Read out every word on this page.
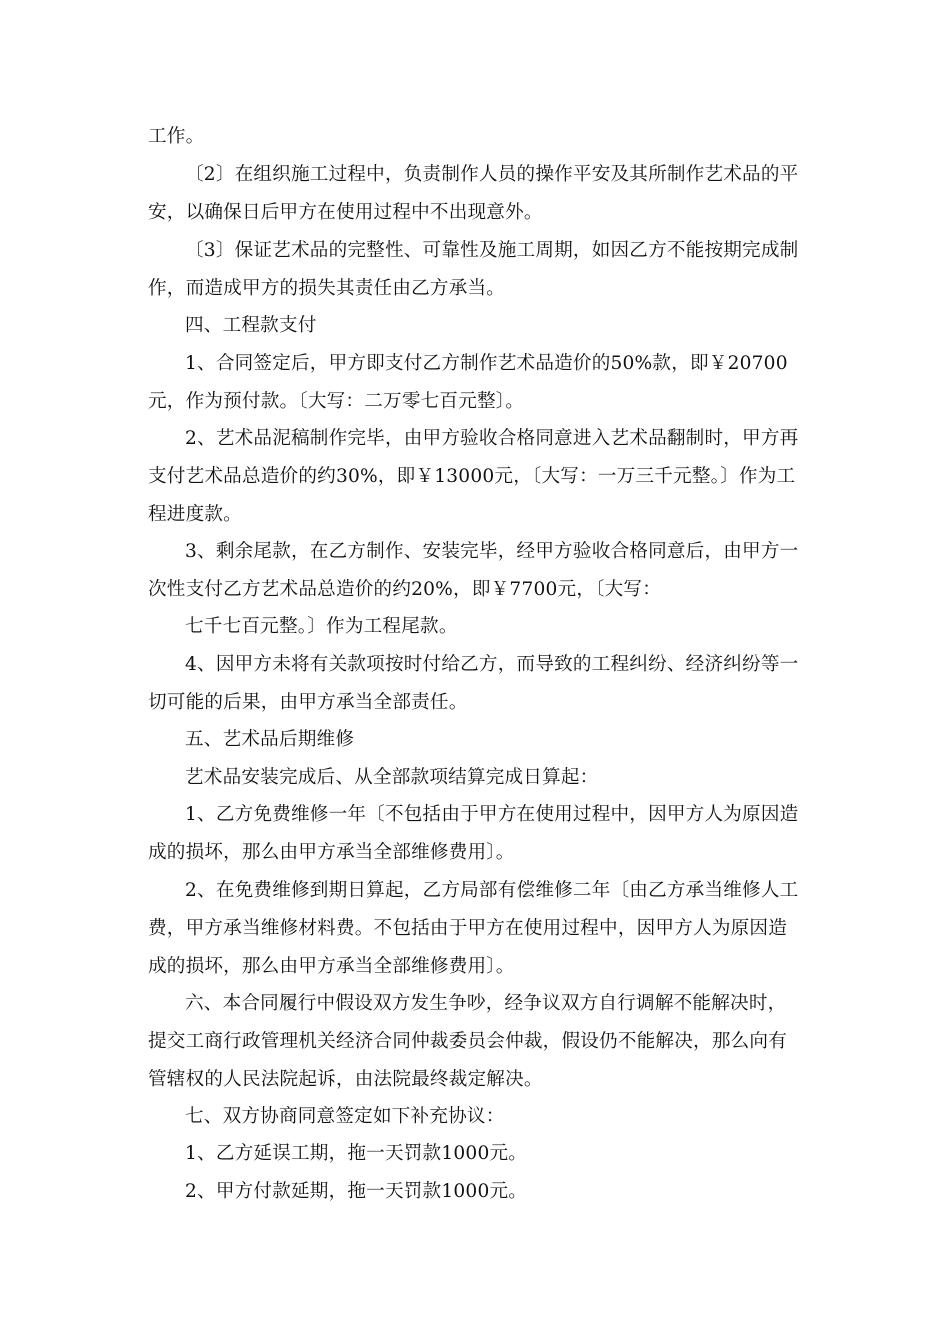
工作。

〔2〕在组织施工过程中，负责制作人员的操作平安及其所制作艺术品的平安，以确保日后甲方在使用过程中不出现意外。

〔3〕保证艺术品的完整性、可靠性及施工周期，如因乙方不能按期完成制作，而造成甲方的损失其责任由乙方承当。

四、工程款支付

1、合同签定后，甲方即支付乙方制作艺术品造价的50%款，即￥20700元，作为预付款。〔大写：二万零七百元整〕。

2、艺术品泥稿制作完毕，由甲方验收合格同意进入艺术品翻制时，甲方再支付艺术品总造价的约30%，即￥13000元，〔大写：一万三千元整。〕作为工程进度款。

3、剩余尾款，在乙方制作、安装完毕，经甲方验收合格同意后，由甲方一次性支付乙方艺术品总造价的约20%，即￥7700元，〔大写：

七千七百元整。〕作为工程尾款。

4、因甲方未将有关款项按时付给乙方，而导致的工程纠纷、经济纠纷等一切可能的后果，由甲方承当全部责任。

五、艺术品后期维修

艺术品安装完成后、从全部款项结算完成日算起：

1、乙方免费维修一年〔不包括由于甲方在使用过程中，因甲方人为原因造成的损坏，那么由甲方承当全部维修费用〕。

2、在免费维修到期日算起，乙方局部有偿维修二年〔由乙方承当维修人工费，甲方承当维修材料费。不包括由于甲方在使用过程中，因甲方人为原因造成的损坏，那么由甲方承当全部维修费用〕。

六、本合同履行中假设双方发生争吵，经争议双方自行调解不能解决时，提交工商行政管理机关经济合同仲裁委员会仲裁，假设仍不能解决，那么向有管辖权的人民法院起诉，由法院最终裁定解决。

七、双方协商同意签定如下补充协议：

1、乙方延误工期，拖一天罚款1000元。

2、甲方付款延期，拖一天罚款1000元。
